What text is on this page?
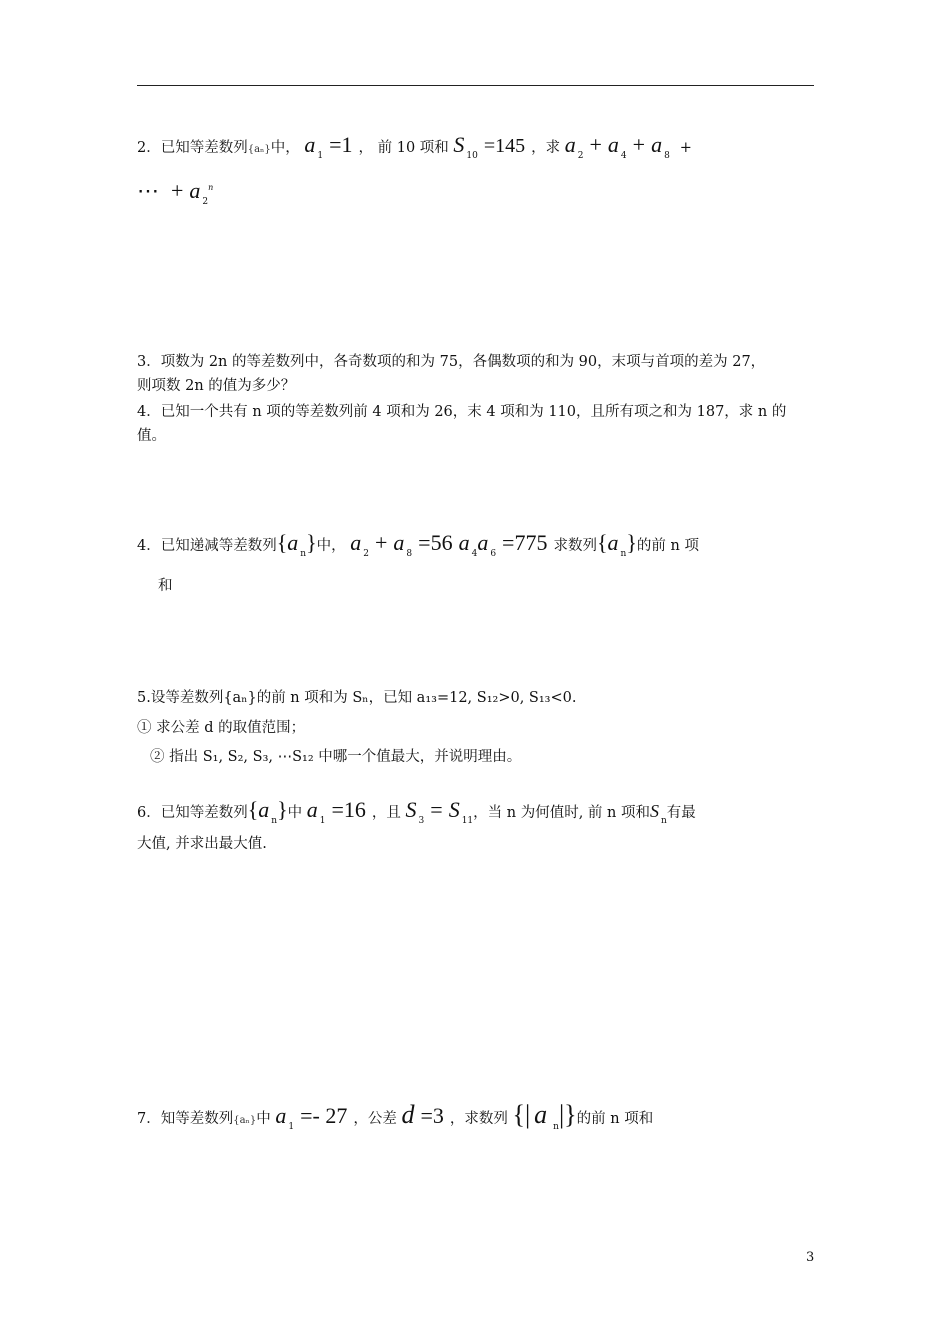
2．已知等差数列{aₙ}中， a $_1$ =1 ， 前 10 项和 S $_{10}$ =145 ，求 a $_2$ + a $_4$ + a $_8$ +
⋯ + a $_2^n$
3．项数为 2n 的等差数列中，各奇数项的和为 75，各偶数项的和为 90，末项与首项的差为 27，
则项数 2n 的值为多少？
4．已知一个共有 n 项的等差数列前 4 项和为 26，末 4 项和为 110，且所有项之和为 187，求 n 的
值。
4．已知递减等差数列{a $_n$}中， a $_2$ + a $_8$ =56 a $_4$a $_6$ =775 求数列{a $_n$}的前 n 项
和
5.设等差数列{aₙ}的前 n 项和为 Sₙ，已知 a₁₃=12, S₁₂>0, S₁₃<0.
① 求公差 d 的取值范围；
② 指出 S₁, S₂, S₃, ⋯S₁₂ 中哪一个值最大，并说明理由。
6．已知等差数列{a $_n$}中 a $_1$ =16 ，且 S $_3$ = S $_{11}$，当 n 为何值时, 前 n 项和S $_n$有最
大值, 并求出最大值.
7．知等差数列{aₙ}中 a $_1$ =- 27 ，公差 d =3 ，求数列 {| a $_n$|}的前 n 项和
3
